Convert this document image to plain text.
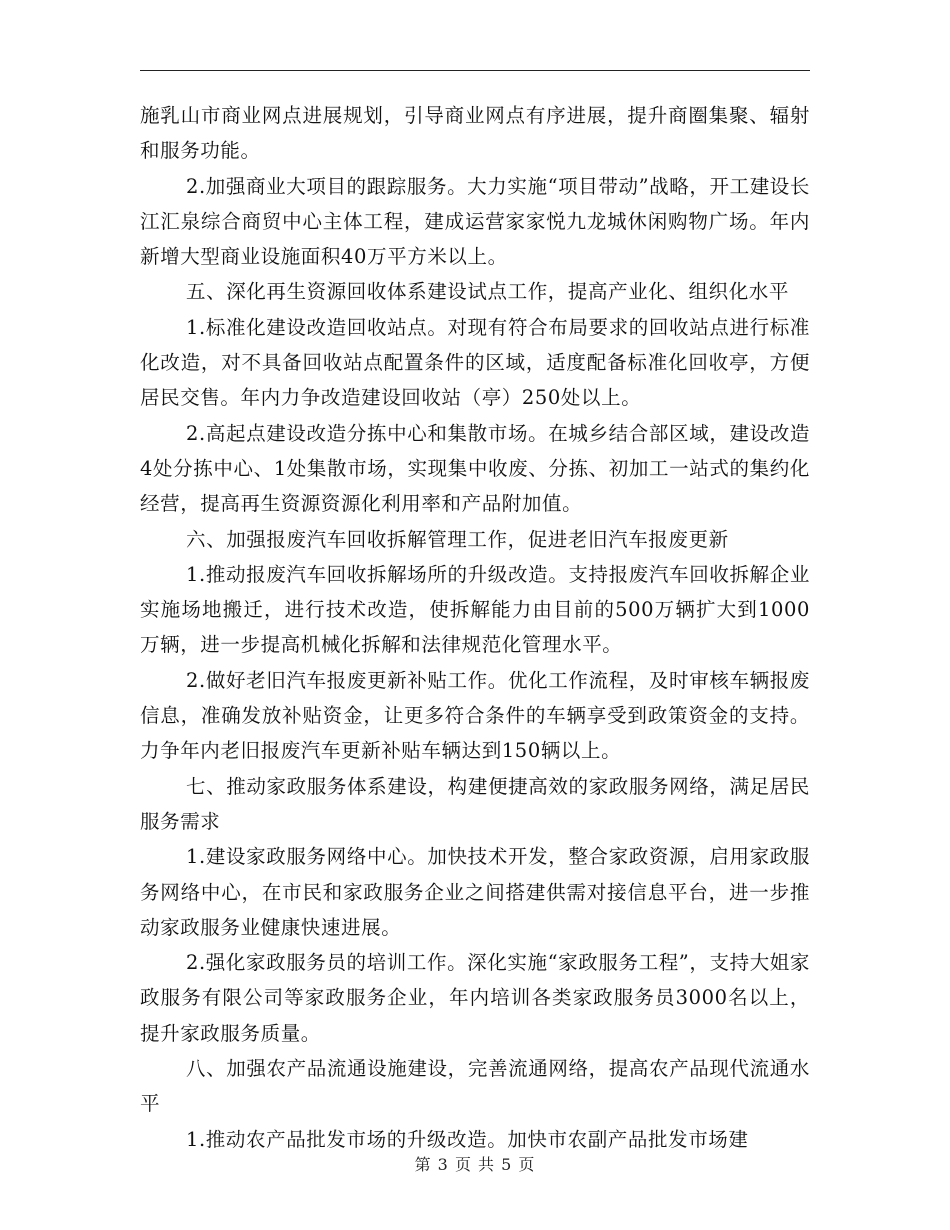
施乳山市商业网点进展规划，引导商业网点有序进展，提升商圈集聚、辐射和服务功能。

2.加强商业大项目的跟踪服务。大力实施“项目带动”战略，开工建设长江汇泉综合商贸中心主体工程，建成运营家家悦九龙城休闲购物广场。年内新增大型商业设施面积40万平方米以上。

五、深化再生资源回收体系建设试点工作，提高产业化、组织化水平

1.标准化建设改造回收站点。对现有符合布局要求的回收站点进行标准化改造，对不具备回收站点配置条件的区域，适度配备标准化回收亭，方便居民交售。年内力争改造建设回收站（亭）250处以上。

2.高起点建设改造分拣中心和集散市场。在城乡结合部区域，建设改造4处分拣中心、1处集散市场，实现集中收废、分拣、初加工一站式的集约化经营，提高再生资源资源化利用率和产品附加值。

六、加强报废汽车回收拆解管理工作，促进老旧汽车报废更新

1.推动报废汽车回收拆解场所的升级改造。支持报废汽车回收拆解企业实施场地搬迁，进行技术改造，使拆解能力由目前的500万辆扩大到1000万辆，进一步提高机械化拆解和法律规范化管理水平。

2.做好老旧汽车报废更新补贴工作。优化工作流程，及时审核车辆报废信息，准确发放补贴资金，让更多符合条件的车辆享受到政策资金的支持。力争年内老旧报废汽车更新补贴车辆达到150辆以上。

七、推动家政服务体系建设，构建便捷高效的家政服务网络，满足居民服务需求

1.建设家政服务网络中心。加快技术开发，整合家政资源，启用家政服务网络中心，在市民和家政服务企业之间搭建供需对接信息平台，进一步推动家政服务业健康快速进展。

2.强化家政服务员的培训工作。深化实施“家政服务工程”，支持大姐家政服务有限公司等家政服务企业，年内培训各类家政服务员3000名以上，提升家政服务质量。

八、加强农产品流通设施建设，完善流通网络，提高农产品现代流通水平

1.推动农产品批发市场的升级改造。加快市农副产品批发市场建

第 3 页 共 5 页
